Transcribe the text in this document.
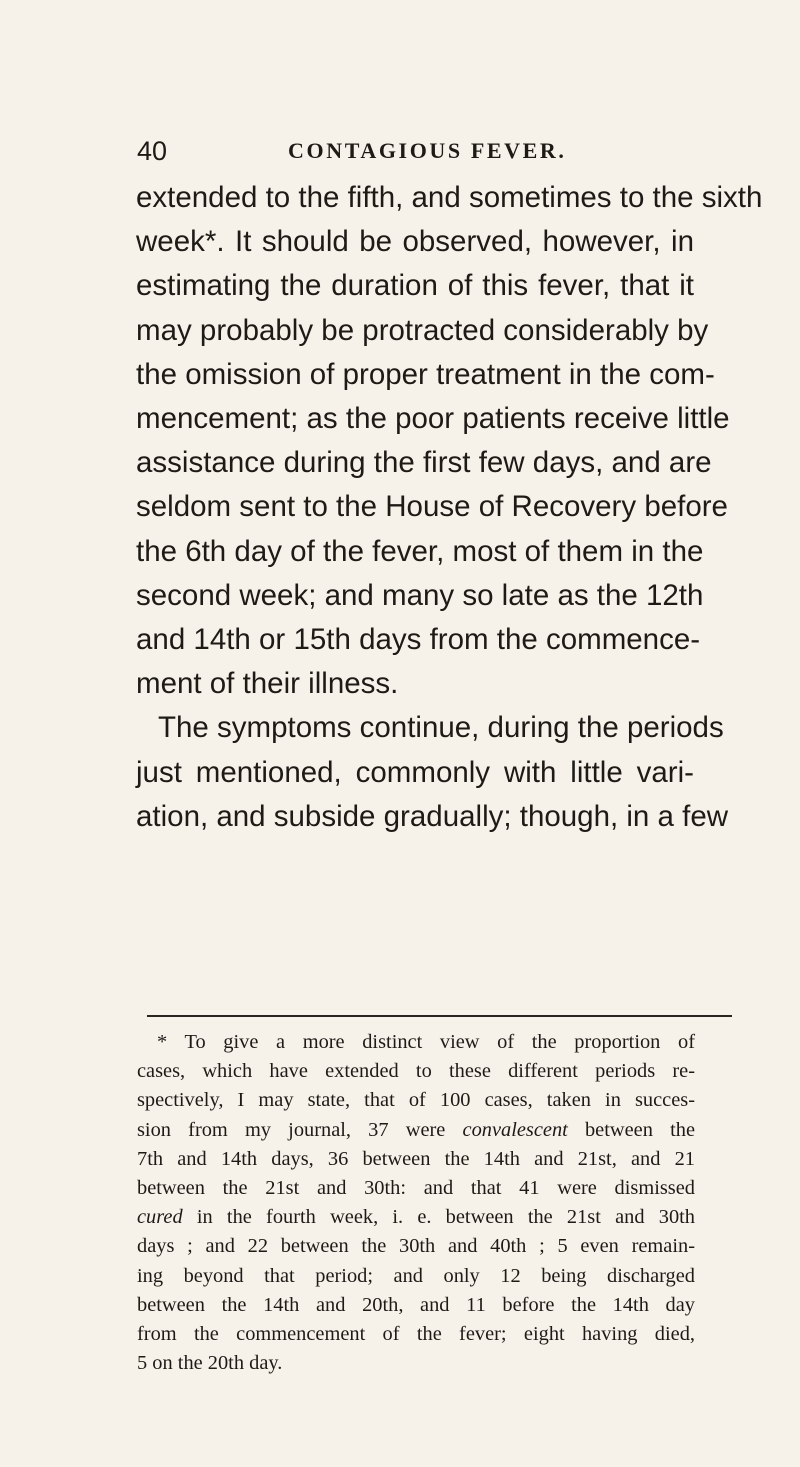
40	CONTAGIOUS FEVER.
extended to the fifth, and sometimes to the sixth
week*. It should be observed, however, in
estimating the duration of this fever, that it
may probably be protracted considerably by
the omission of proper treatment in the com-
mencement; as the poor patients receive little
assistance during the first few days, and are
seldom sent to the House of Recovery before
the 6th day of the fever, most of them in the
second week; and many so late as the 12th
and 14th or 15th days from the commence-
ment of their illness.
The symptoms continue, during the periods
just mentioned, commonly with little vari-
ation, and subside gradually; though, in a few
* To give a more distinct view of the proportion of
cases, which have extended to these different periods re-
spectively, I may state, that of 100 cases, taken in succes-
sion from my journal, 37 were convalescent between the
7th and 14th days, 36 between the 14th and 21st, and 21
between the 21st and 30th: and that 41 were dismissed
cured in the fourth week, i. e. between the 21st and 30th
days ; and 22 between the 30th and 40th ; 5 even remain-
ing beyond that period; and only 12 being discharged
between the 14th and 20th, and 11 before the 14th day
from the commencement of the fever; eight having died,
5 on the 20th day.
